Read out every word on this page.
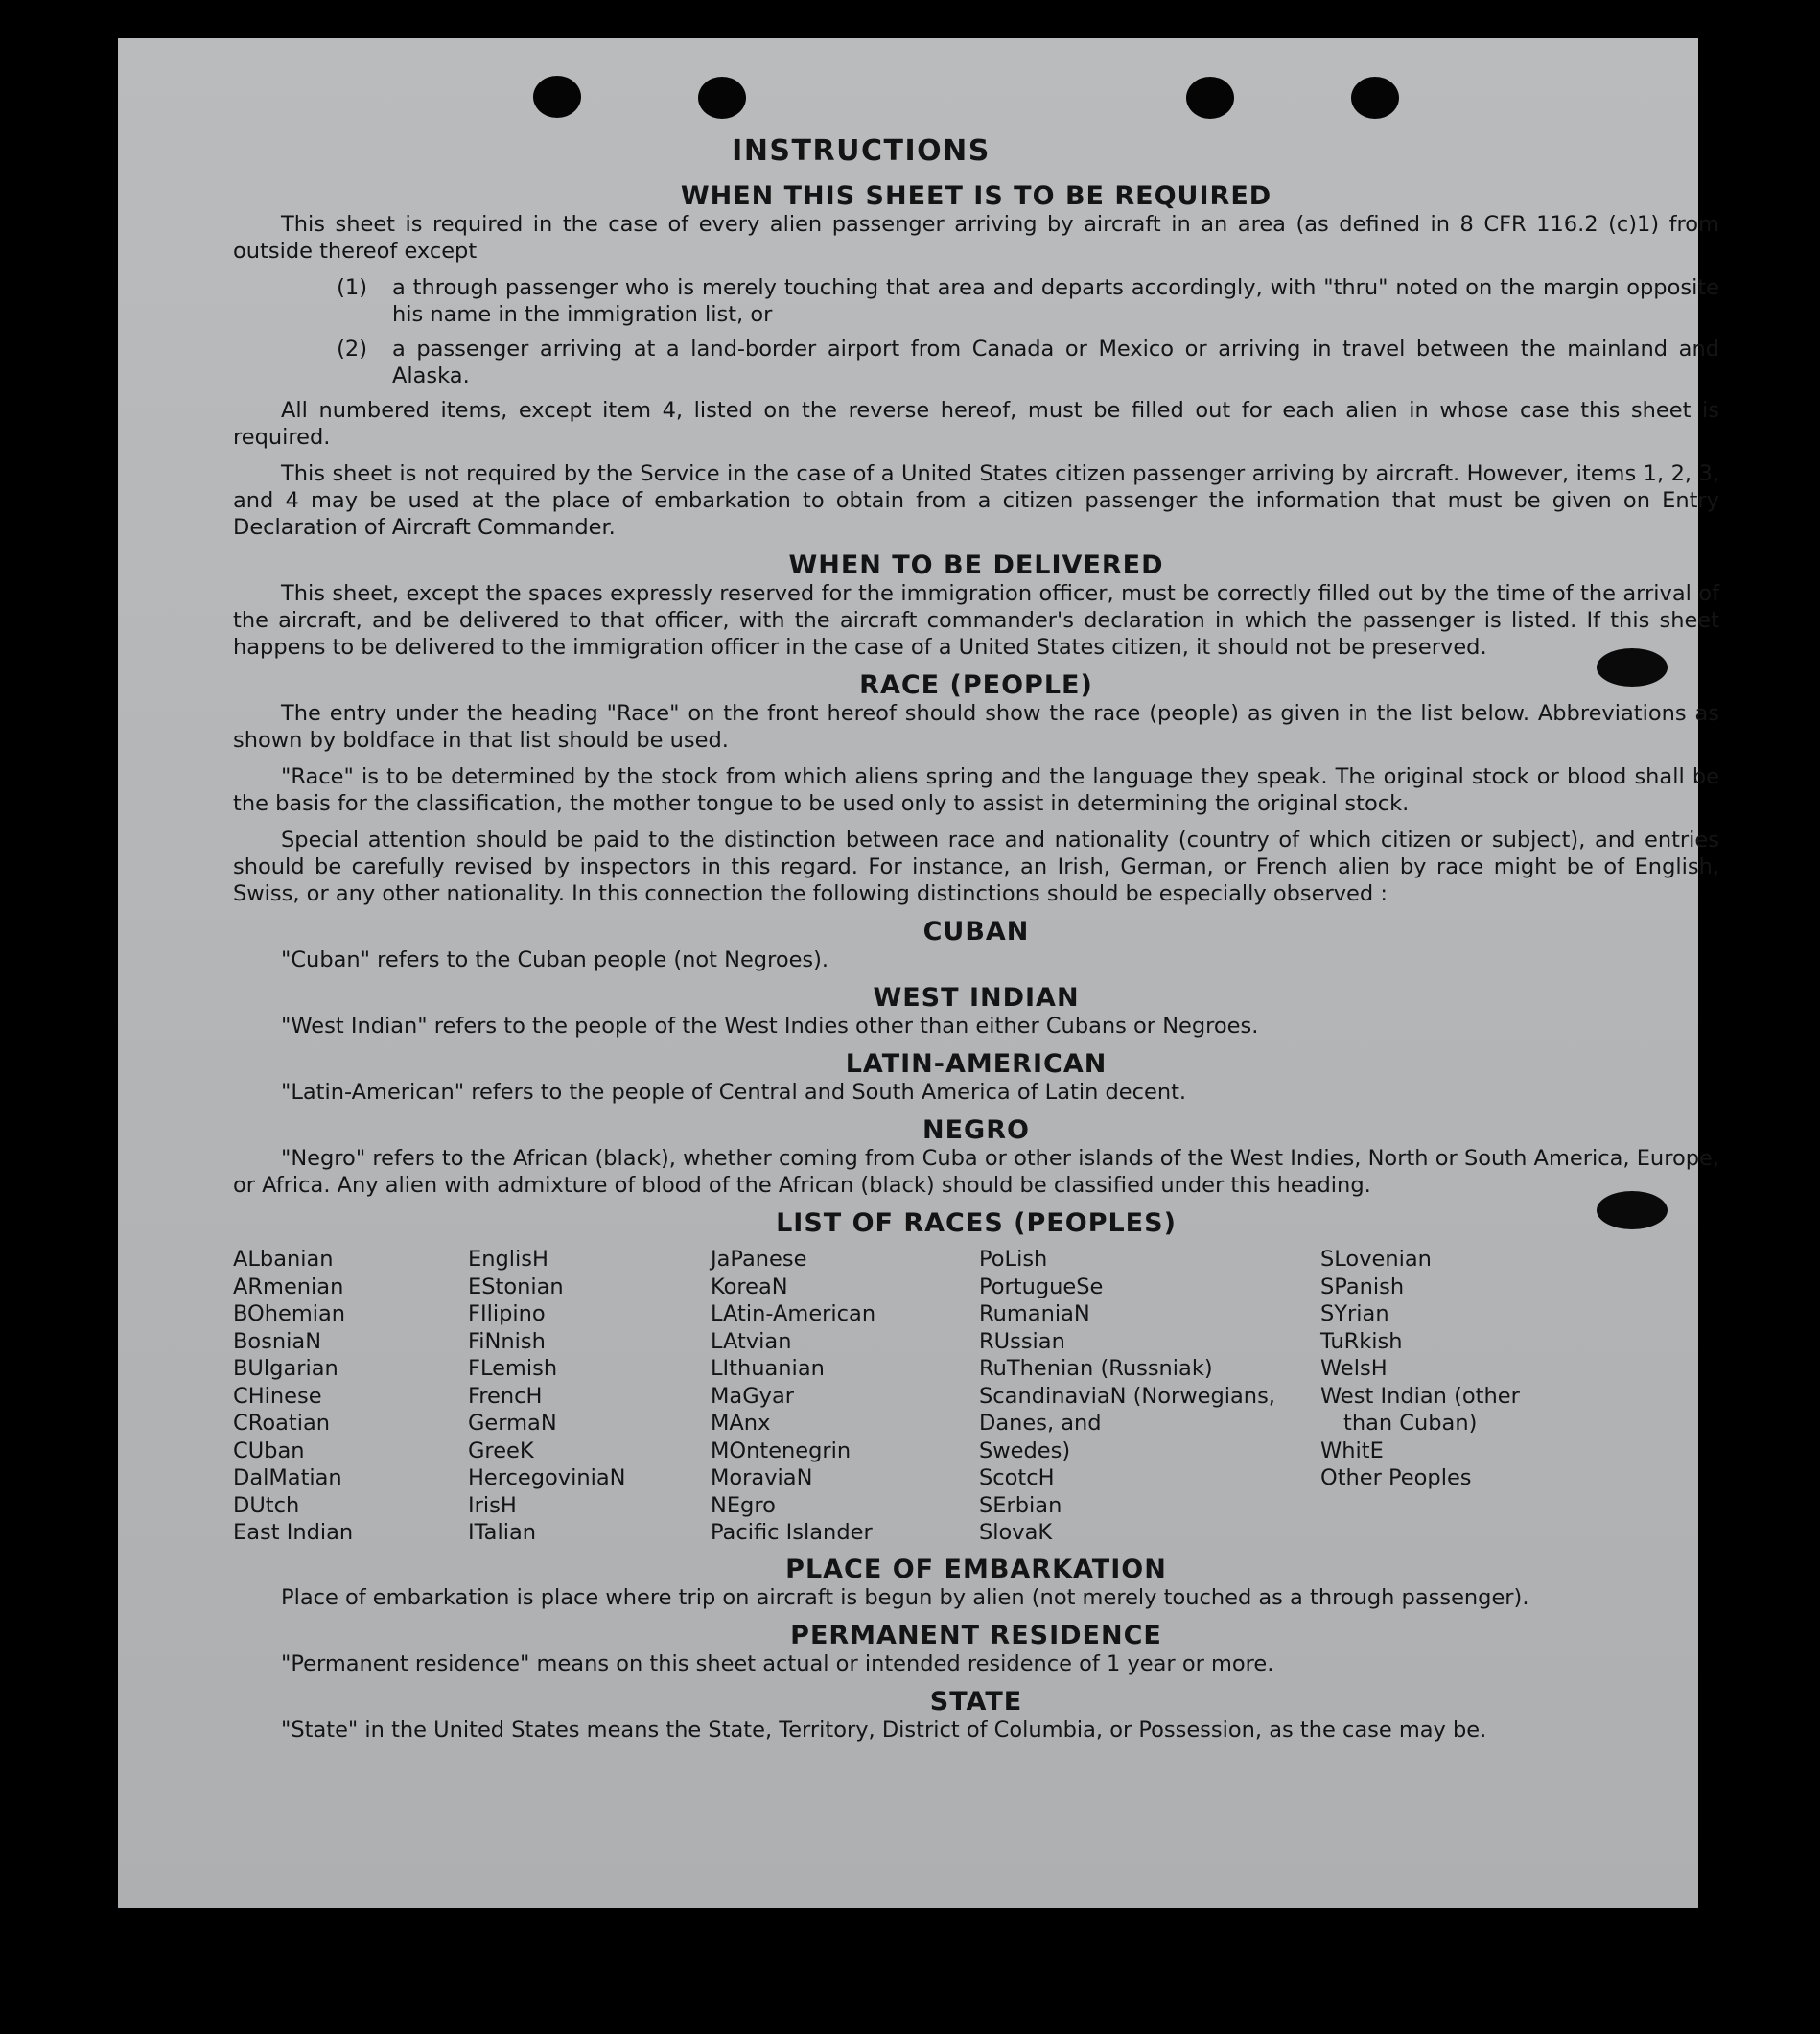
INSTRUCTIONS
WHEN THIS SHEET IS TO BE REQUIRED

This sheet is required in the case of every alien passenger arriving by aircraft in an area (as defined in 8 CFR 116.2 (c)1) from outside thereof except

(1)	a through passenger who is merely touching that area and departs accordingly, with "thru" noted on the margin opposite his name in the immigration list, or
(2)	a passenger arriving at a land-border airport from Canada or Mexico or arriving in travel between the mainland and Alaska.

All numbered items, except item 4, listed on the reverse hereof, must be filled out for each alien in whose case this sheet is required.

This sheet is not required by the Service in the case of a United States citizen passenger arriving by aircraft. However, items 1, 2, 3, and 4 may be used at the place of embarkation to obtain from a citizen passenger the information that must be given on Entry Declaration of Aircraft Commander.

WHEN TO BE DELIVERED

This sheet, except the spaces expressly reserved for the immigration officer, must be correctly filled out by the time of the arrival of the aircraft, and be delivered to that officer, with the aircraft commander's declaration in which the passenger is listed. If this sheet happens to be delivered to the immigration officer in the case of a United States citizen, it should not be preserved.

RACE (PEOPLE)

The entry under the heading "Race" on the front hereof should show the race (people) as given in the list below. Abbreviations as shown by boldface in that list should be used.

"Race" is to be determined by the stock from which aliens spring and the language they speak. The original stock or blood shall be the basis for the classification, the mother tongue to be used only to assist in determining the original stock.

Special attention should be paid to the distinction between race and nationality (country of which citizen or subject), and entries should be carefully revised by inspectors in this regard. For instance, an Irish, German, or French alien by race might be of English, Swiss, or any other nationality. In this connection the following distinctions should be especially observed :

CUBAN

"Cuban" refers to the Cuban people (not Negroes).

WEST INDIAN

"West Indian" refers to the people of the West Indies other than either Cubans or Negroes.

LATIN-AMERICAN

"Latin-American" refers to the people of Central and South America of Latin decent.

NEGRO

"Negro" refers to the African (black), whether coming from Cuba or other islands of the West Indies, North or South America, Europe, or Africa. Any alien with admixture of blood of the African (black) should be classified under this heading.

LIST OF RACES (PEOPLES)
ALbanian
ARmenian
BOhemian
BosniaN
BUlgarian
CHinese
CRoatian
CUban
DalMatian
DUtch
East Indian
EnglisH
EStonian
FIlipino
FiNnish
FLemish
FrencH
GermaN
GreeK
HercegoviniaN
IrisH
ITalian
JaPanese
KoreaN
LAtin-American
LAtvian
LIthuanian
MaGyar
MAnx
MOntenegrin
MoraviaN
NEgro
Pacific Islander
PoLish
PortugueSe
RumaniaN
RUssian
RuThenian (Russniak)
ScandinaviaN (Norwegians,
Danes, and
Swedes)
ScotcH
SErbian
SlovaK
SLovenian
SPanish
SYrian
TuRkish
WelsH
West Indian (other
than Cuban)
WhitE
Other Peoples
PLACE OF EMBARKATION

Place of embarkation is place where trip on aircraft is begun by alien (not merely touched as a through passenger).

PERMANENT RESIDENCE

"Permanent residence" means on this sheet actual or intended residence of 1 year or more.

STATE

"State" in the United States means the State, Territory, District of Columbia, or Possession, as the case may be.
